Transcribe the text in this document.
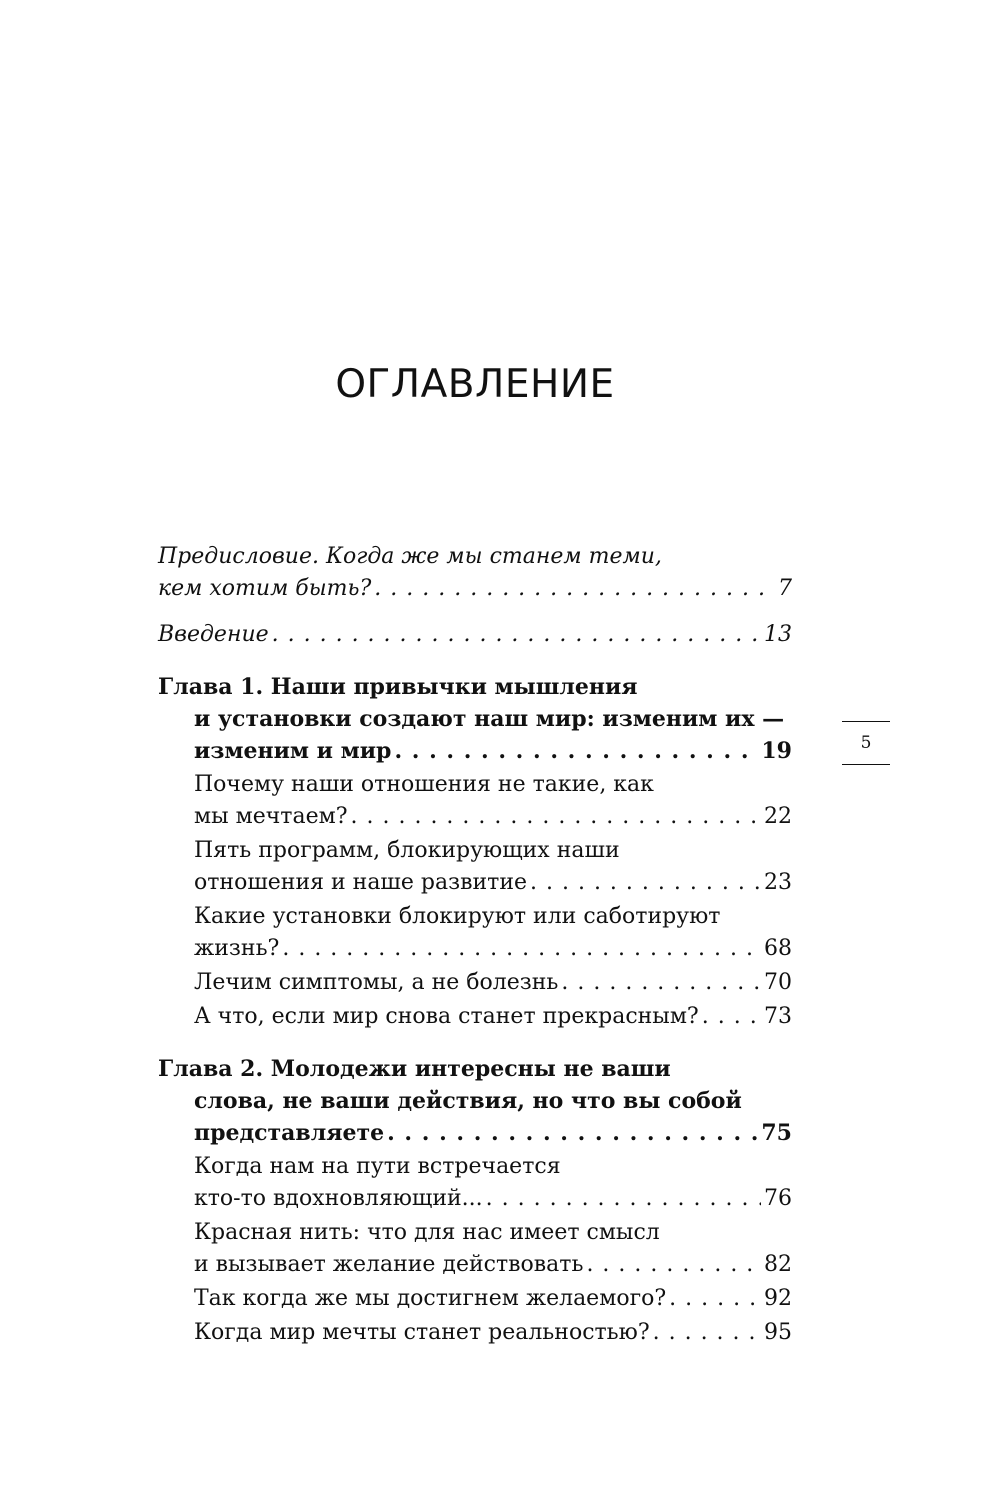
ОГЛАВЛЕНИЕ
Предисловие. Когда же мы станем теми,
кем хотим быть? . . .	7
Введение . . .	13
Глава 1. Наши привычки мышления
и установки создают наш мир: изменим их —
изменим и мир . . .	19
Почему наши отношения не такие, как
мы мечтаем? . . .	22
Пять программ, блокирующих наши
отношения и наше развитие . . .	23
Какие установки блокируют или саботируют
жизнь? . . .	68
Лечим симптомы, а не болезнь . . .	70
А что, если мир снова станет прекрасным? . . .	73
Глава 2. Молодежи интересны не ваши
слова, не ваши действия, но что вы собой
представляете . . .	75
Когда нам на пути встречается
кто-то вдохновляющий... . . .	76
Красная нить: что для нас имеет смысл
и вызывает желание действовать . . .	82
Так когда же мы достигнем желаемого? . . .	92
Когда мир мечты станет реальностью? . . .	95
5
